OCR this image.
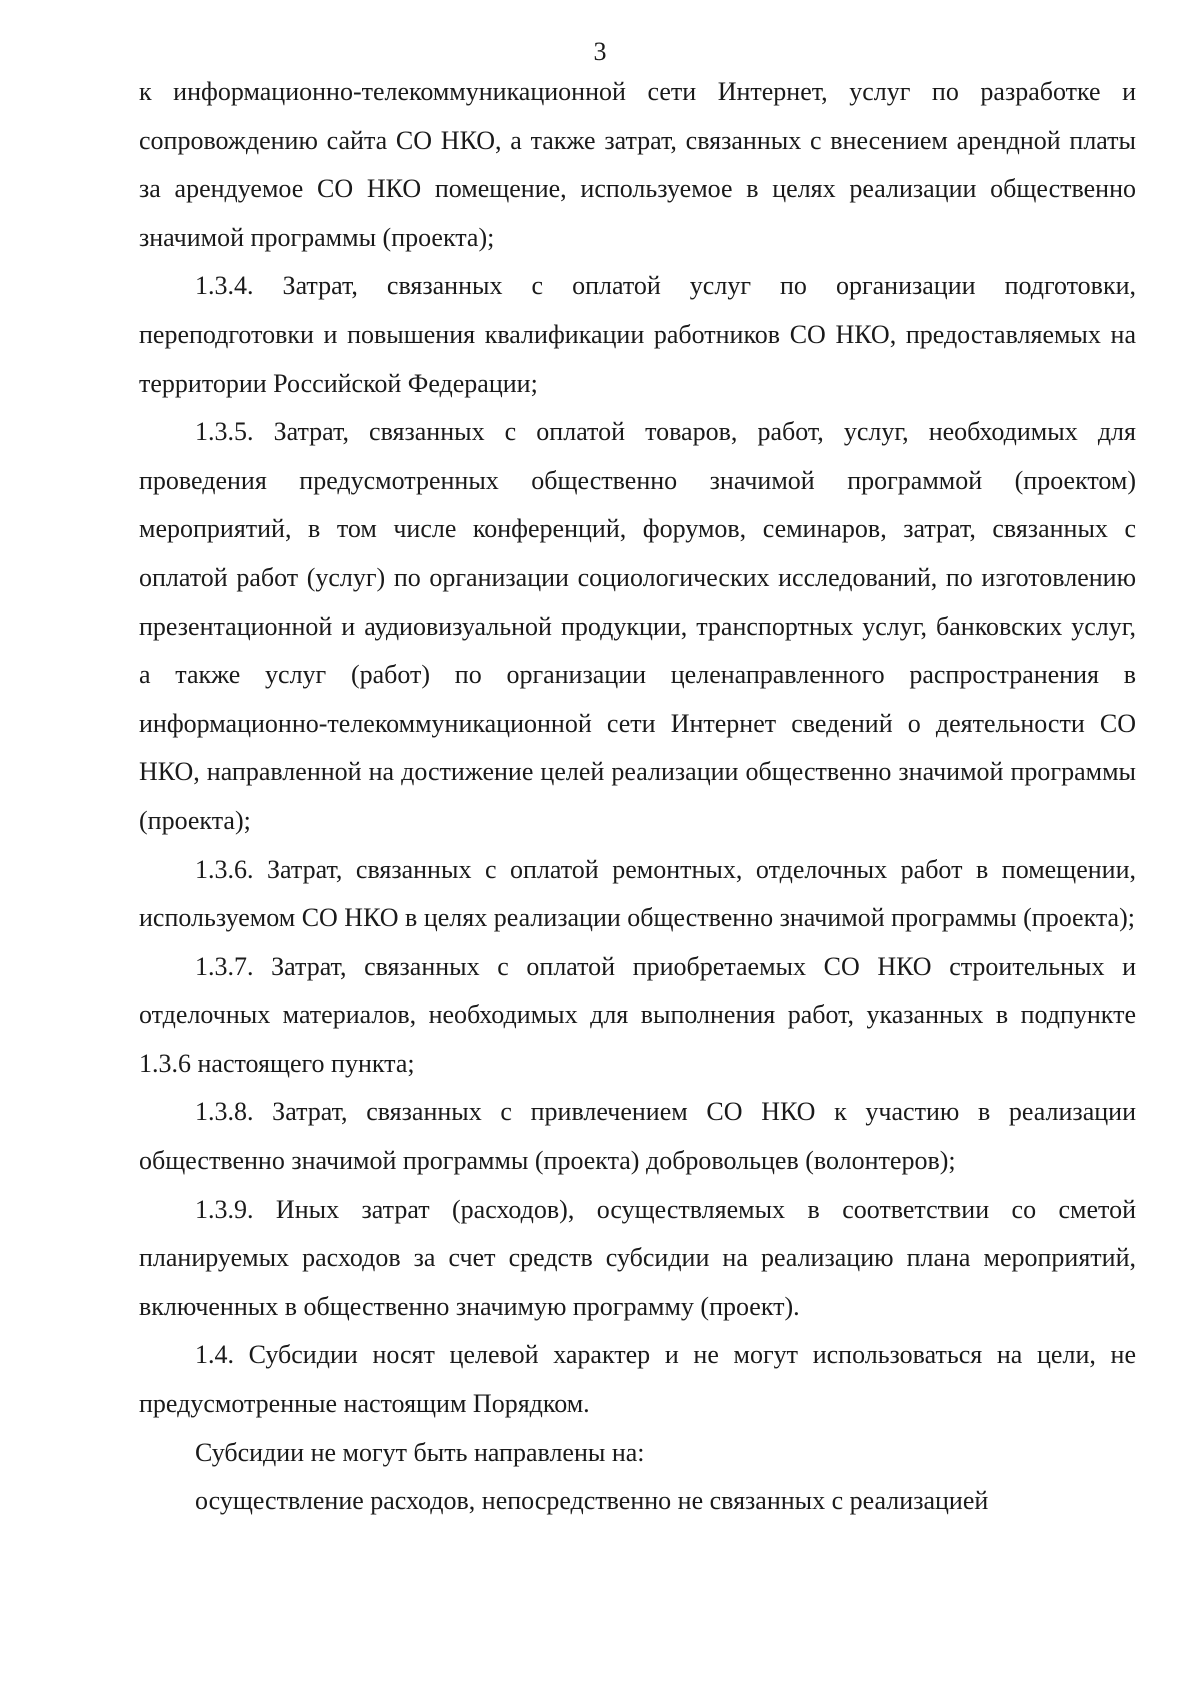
3

к информационно-телекоммуникационной сети Интернет, услуг по разработке и сопровождению сайта СО НКО, а также затрат, связанных с внесением арендной платы за арендуемое СО НКО помещение, используемое в целях реализации общественно значимой программы (проекта);

1.3.4. Затрат, связанных с оплатой услуг по организации подготовки, переподготовки и повышения квалификации работников СО НКО, предоставляемых на территории Российской Федерации;

1.3.5. Затрат, связанных с оплатой товаров, работ, услуг, необходимых для проведения предусмотренных общественно значимой программой (проектом) мероприятий, в том числе конференций, форумов, семинаров, затрат, связанных с оплатой работ (услуг) по организации социологических исследований, по изготовлению презентационной и аудиовизуальной продукции, транспортных услуг, банковских услуг, а также услуг (работ) по организации целенаправленного распространения в информационно-телекоммуникационной сети Интернет сведений о деятельности СО НКО, направленной на достижение целей реализации общественно значимой программы (проекта);

1.3.6. Затрат, связанных с оплатой ремонтных, отделочных работ в помещении, используемом СО НКО в целях реализации общественно значимой программы (проекта);

1.3.7. Затрат, связанных с оплатой приобретаемых СО НКО строительных и отделочных материалов, необходимых для выполнения работ, указанных в подпункте 1.3.6 настоящего пункта;

1.3.8. Затрат, связанных с привлечением СО НКО к участию в реализации общественно значимой программы (проекта) добровольцев (волонтеров);

1.3.9. Иных затрат (расходов), осуществляемых в соответствии со сметой планируемых расходов за счет средств субсидии на реализацию плана мероприятий, включенных в общественно значимую программу (проект).

1.4. Субсидии носят целевой характер и не могут использоваться на цели, не предусмотренные настоящим Порядком.

Субсидии не могут быть направлены на:

осуществление расходов, непосредственно не связанных с реализацией
